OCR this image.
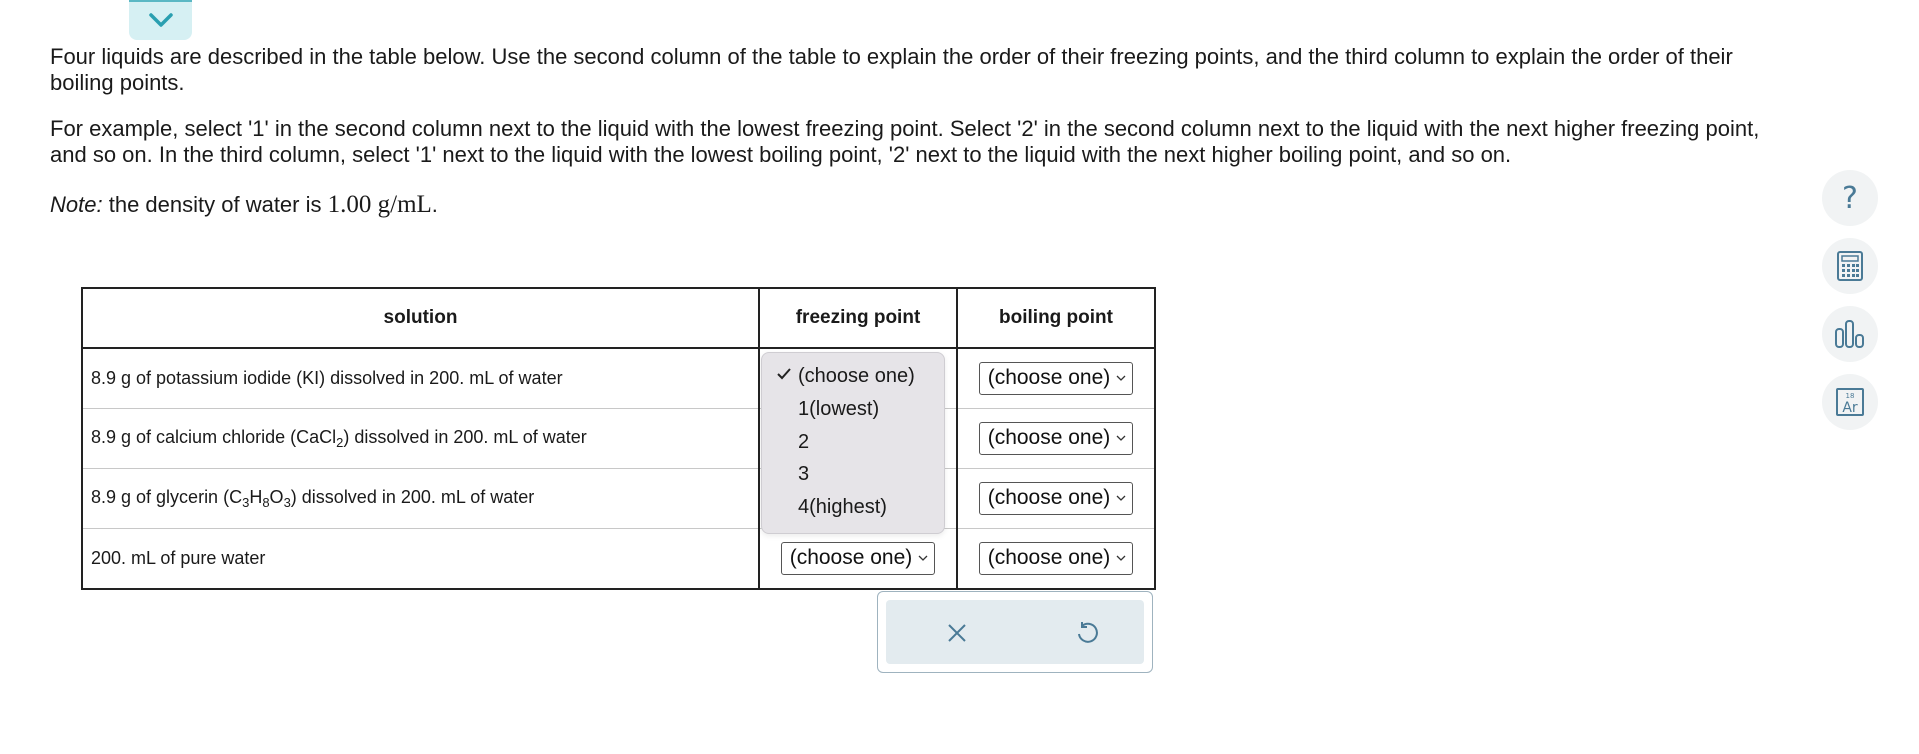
Four liquids are described in the table below. Use the second column of the table to explain the order of their freezing points, and the third column to explain the order of their boiling points.

For example, select '1' in the second column next to the liquid with the lowest freezing point. Select '2' in the second column next to the liquid with the next higher freezing point, and so on. In the third column, select '1' next to the liquid with the lowest boiling point, '2' next to the liquid with the next higher boiling point, and so on.

Note: the density of water is 1.00 g/mL.

solution	freezing point	boiling point
8.9 g of potassium iodide (KI) dissolved in 200. mL of water		(choose one)

8.9 g of calcium chloride (CaCl$_2$) dissolved in 200. mL of water		(choose one)

8.9 g of glycerin $(C_3H_8O_3)$ dissolved in 200. mL of water		(choose one)

200. mL of pure water	(choose one)	(choose one)
(choose one)
1(lowest)
2
3
4(highest)
?
18
Ar
